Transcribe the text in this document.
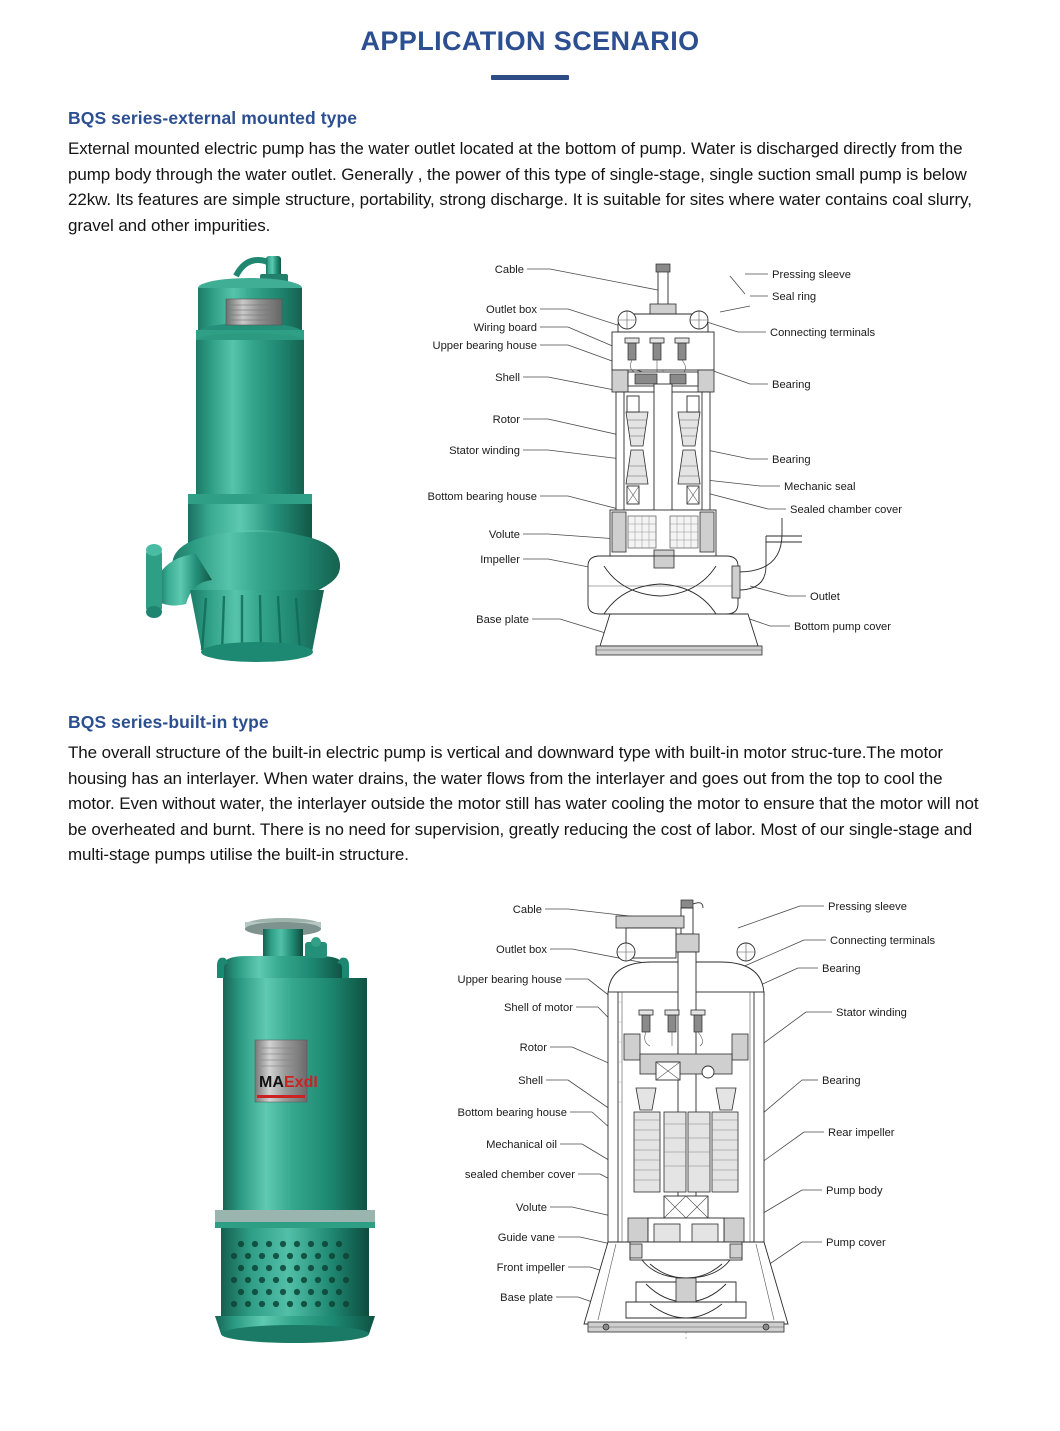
APPLICATION SCENARIO
BQS series-external mounted type

External mounted electric pump has the water outlet located at the bottom of pump. Water is discharged directly from the pump body through the water outlet. Generally , the power of this type of single-stage, single suction small pump is below 22kw. Its features are simple structure, portability, strong discharge. It is suitable for sites where water contains coal slurry, gravel and other impurities.

Cable
Outlet box
Wiring board
Upper bearing house
Shell
Rotor
Stator winding
Bottom bearing house
Volute
Impeller
Base plate
Pressing sleeve
Seal ring
Connecting terminals
Bearing
Bearing
Mechanic seal
Sealed chamber cover
Outlet
Bottom pump cover
BQS series-built-in type

The overall structure of the built-in electric pump is vertical and downward type with built-in motor struc-ture.The motor housing has an interlayer. When water drains, the water flows from the interlayer and goes out from the top to cool the motor. Even without water, the interlayer outside the motor still has water cooling the motor to ensure that the motor will not be overheated and burnt. There is no need for supervision, greatly reducing the cost of labor. Most of our single-stage and multi-stage pumps utilise the built-in structure.

MA ExdI
Cable
Outlet box
Upper bearing house
Shell of motor
Rotor
Shell
Bottom bearing house
Mechanical oil
sealed chember cover
Volute
Guide vane
Front impeller
Base plate
Pressing sleeve
Connecting terminals
Bearing
Stator winding
Bearing
Rear impeller
Pump body
Pump cover
